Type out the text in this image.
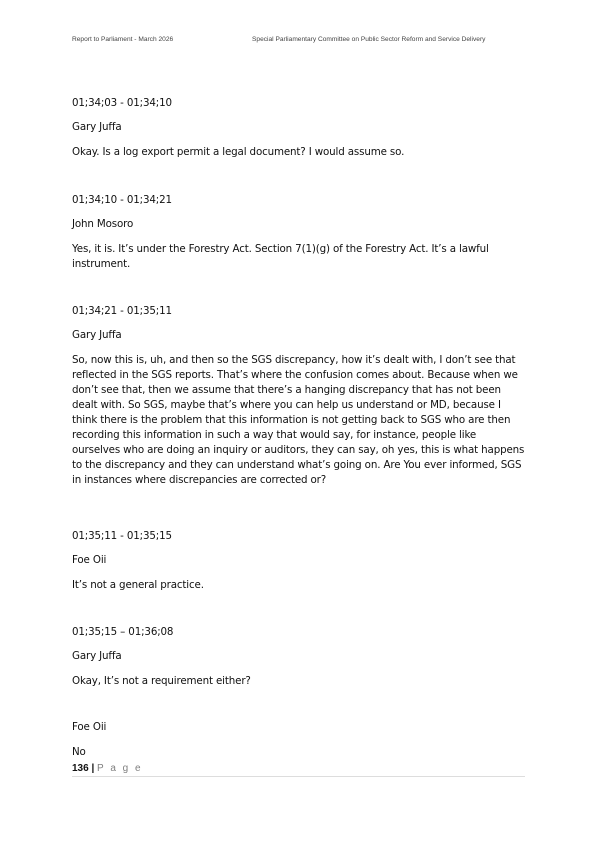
Report to Parliament - March 2026	Special Parliamentary Committee on Public Sector Reform and Service Delivery
01;34;03 - 01;34;10
Gary Juffa
Okay. Is a log export permit a legal document? I would assume so.
01;34;10 - 01;34;21
John Mosoro
Yes, it is. It’s under the Forestry Act. Section 7(1)(g) of the Forestry Act. It’s a lawful instrument.
01;34;21 - 01;35;11
Gary Juffa
So, now this is, uh, and then so the SGS discrepancy, how it’s dealt with, I don’t see that reflected in the SGS reports. That’s where the confusion comes about. Because when we don’t see that, then we assume that there’s a hanging discrepancy that has not been dealt with. So SGS, maybe that’s where you can help us understand or MD, because I think there is the problem that this information is not getting back to SGS who are then recording this information in such a way that would say, for instance, people like ourselves who are doing an inquiry or auditors, they can say, oh yes, this is what happens to the discrepancy and they can understand what’s going on. Are You ever informed, SGS in instances where discrepancies are corrected or?
01;35;11 - 01;35;15
Foe Oii
It’s not a general practice.
01;35;15 – 01;36;08
Gary Juffa
Okay, It’s not a requirement either?
Foe Oii
No
136 | P a g e
